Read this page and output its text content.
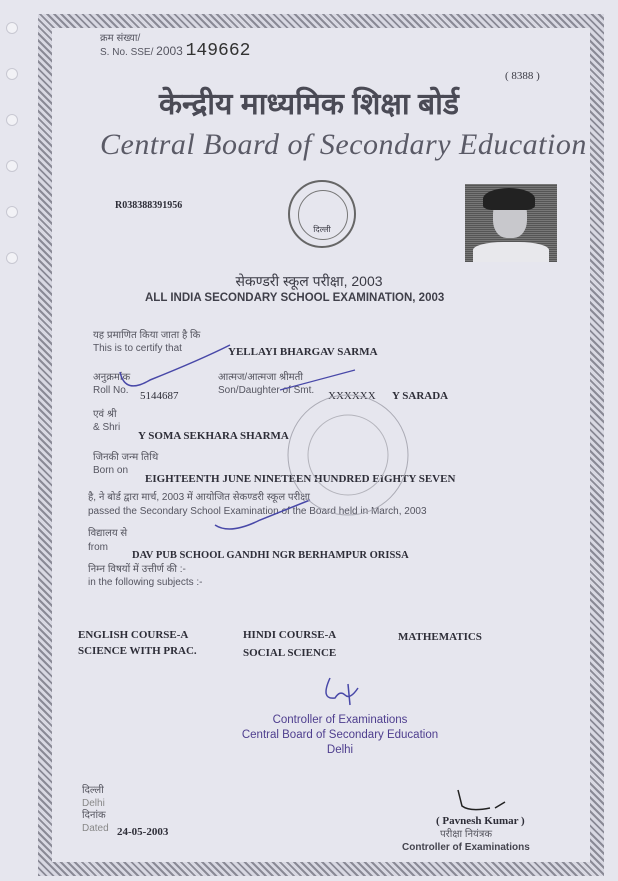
क्रम संख्या/
S. No. SSE/ 2003 149662
( 8388 )
केन्द्रीय माध्यमिक शिक्षा बोर्ड
Central Board of Secondary Education
R038388391956
दिल्ली
सेकण्डरी स्कूल परीक्षा, 2003
ALL INDIA SECONDARY SCHOOL EXAMINATION, 2003
यह प्रमाणित किया जाता है कि
This is to certify that	YELLAYI BHARGAV SARMA
अनुक्रमांक
Roll No. 5144687
आत्मज/आत्मजा श्रीमती
Son/Daughter of Smt. XXXXXX Y SARADA
एवं श्री
& Shri
Y SOMA SEKHARA SHARMA
जिनकी जन्म तिथि
Born on
EIGHTEENTH JUNE NINETEEN HUNDRED EIGHTY SEVEN
है, ने बोर्ड द्वारा मार्च, 2003 में आयोजित सेकण्डरी स्कूल परीक्षा
passed the Secondary School Examination of the Board held in March, 2003
विद्यालय से
from
DAV PUB SCHOOL GANDHI NGR BERHAMPUR ORISSA
निम्न विषयों में उत्तीर्ण की :-
in the following subjects :-
ENGLISH COURSE-A	HINDI COURSE-A	MATHEMATICS
SCIENCE WITH PRAC.	SOCIAL SCIENCE
Controller of Examinations
Central Board of Secondary Education
Delhi
दिल्ली
Delhi
दिनांक
Dated 24-05-2003
( Pavnesh Kumar )
परीक्षा नियंत्रक
Controller of Examinations
